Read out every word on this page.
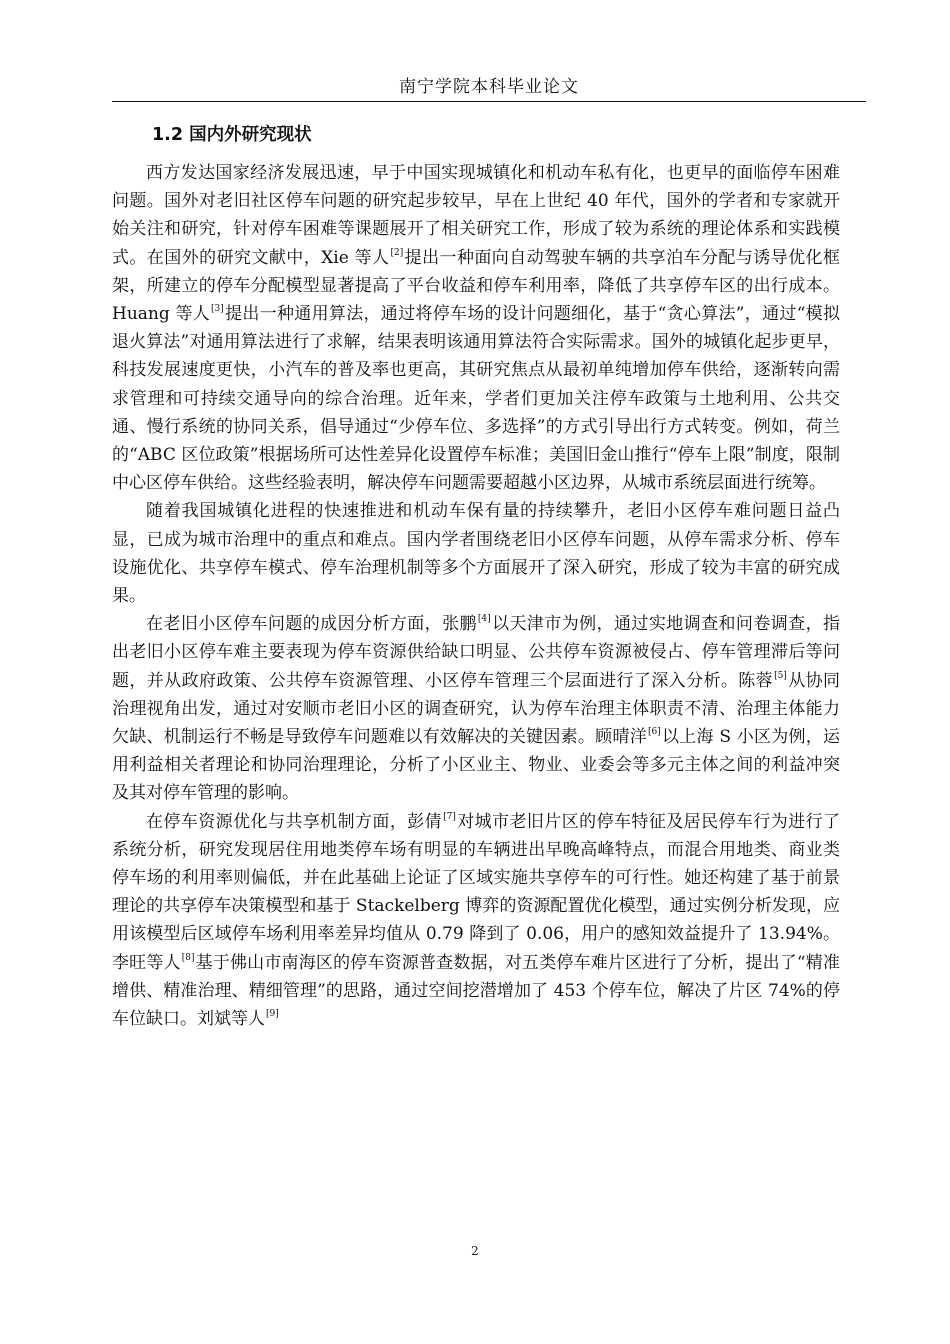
南宁学院本科毕业论文
1.2 国内外研究现状

西方发达国家经济发展迅速，早于中国实现城镇化和机动车私有化，也更早的面临停车困难问题。国外对老旧社区停车问题的研究起步较早，早在上世纪 40 年代，国外的学者和专家就开始关注和研究，针对停车困难等课题展开了相关研究工作，形成了较为系统的理论体系和实践模式。在国外的研究文献中，Xie 等人[2]提出一种面向自动驾驶车辆的共享泊车分配与诱导优化框架，所建立的停车分配模型显著提高了平台收益和停车利用率，降低了共享停车区的出行成本。Huang 等人[3]提出一种通用算法，通过将停车场的设计问题细化，基于“贪心算法”，通过“模拟退火算法”对通用算法进行了求解，结果表明该通用算法符合实际需求。国外的城镇化起步更早，科技发展速度更快，小汽车的普及率也更高，其研究焦点从最初单纯增加停车供给，逐渐转向需求管理和可持续交通导向的综合治理。近年来，学者们更加关注停车政策与土地利用、公共交通、慢行系统的协同关系，倡导通过“少停车位、多选择”的方式引导出行方式转变。例如，荷兰的“ABC 区位政策”根据场所可达性差异化设置停车标准；美国旧金山推行“停车上限”制度，限制中心区停车供给。这些经验表明，解决停车问题需要超越小区边界，从城市系统层面进行统筹。

随着我国城镇化进程的快速推进和机动车保有量的持续攀升，老旧小区停车难问题日益凸显，已成为城市治理中的重点和难点。国内学者围绕老旧小区停车问题，从停车需求分析、停车设施优化、共享停车模式、停车治理机制等多个方面展开了深入研究，形成了较为丰富的研究成果。

在老旧小区停车问题的成因分析方面，张鹏[4]以天津市为例，通过实地调查和问卷调查，指出老旧小区停车难主要表现为停车资源供给缺口明显、公共停车资源被侵占、停车管理滞后等问题，并从政府政策、公共停车资源管理、小区停车管理三个层面进行了深入分析。陈蓉[5]从协同治理视角出发，通过对安顺市老旧小区的调查研究，认为停车治理主体职责不清、治理主体能力欠缺、机制运行不畅是导致停车问题难以有效解决的关键因素。顾晴洋[6]以上海 S 小区为例，运用利益相关者理论和协同治理理论，分析了小区业主、物业、业委会等多元主体之间的利益冲突及其对停车管理的影响。

在停车资源优化与共享机制方面，彭倩[7]对城市老旧片区的停车特征及居民停车行为进行了系统分析，研究发现居住用地类停车场有明显的车辆进出早晚高峰特点，而混合用地类、商业类停车场的利用率则偏低，并在此基础上论证了区域实施共享停车的可行性。她还构建了基于前景理论的共享停车决策模型和基于 Stackelberg 博弈的资源配置优化模型，通过实例分析发现，应用该模型后区域停车场利用率差异均值从 0.79 降到了 0.06，用户的感知效益提升了 13.94%。李旺等人[8]基于佛山市南海区的停车资源普查数据，对五类停车难片区进行了分析，提出了“精准增供、精准治理、精细管理”的思路，通过空间挖潜增加了 453 个停车位，解决了片区 74%的停车位缺口。刘斌等人[9]

2
